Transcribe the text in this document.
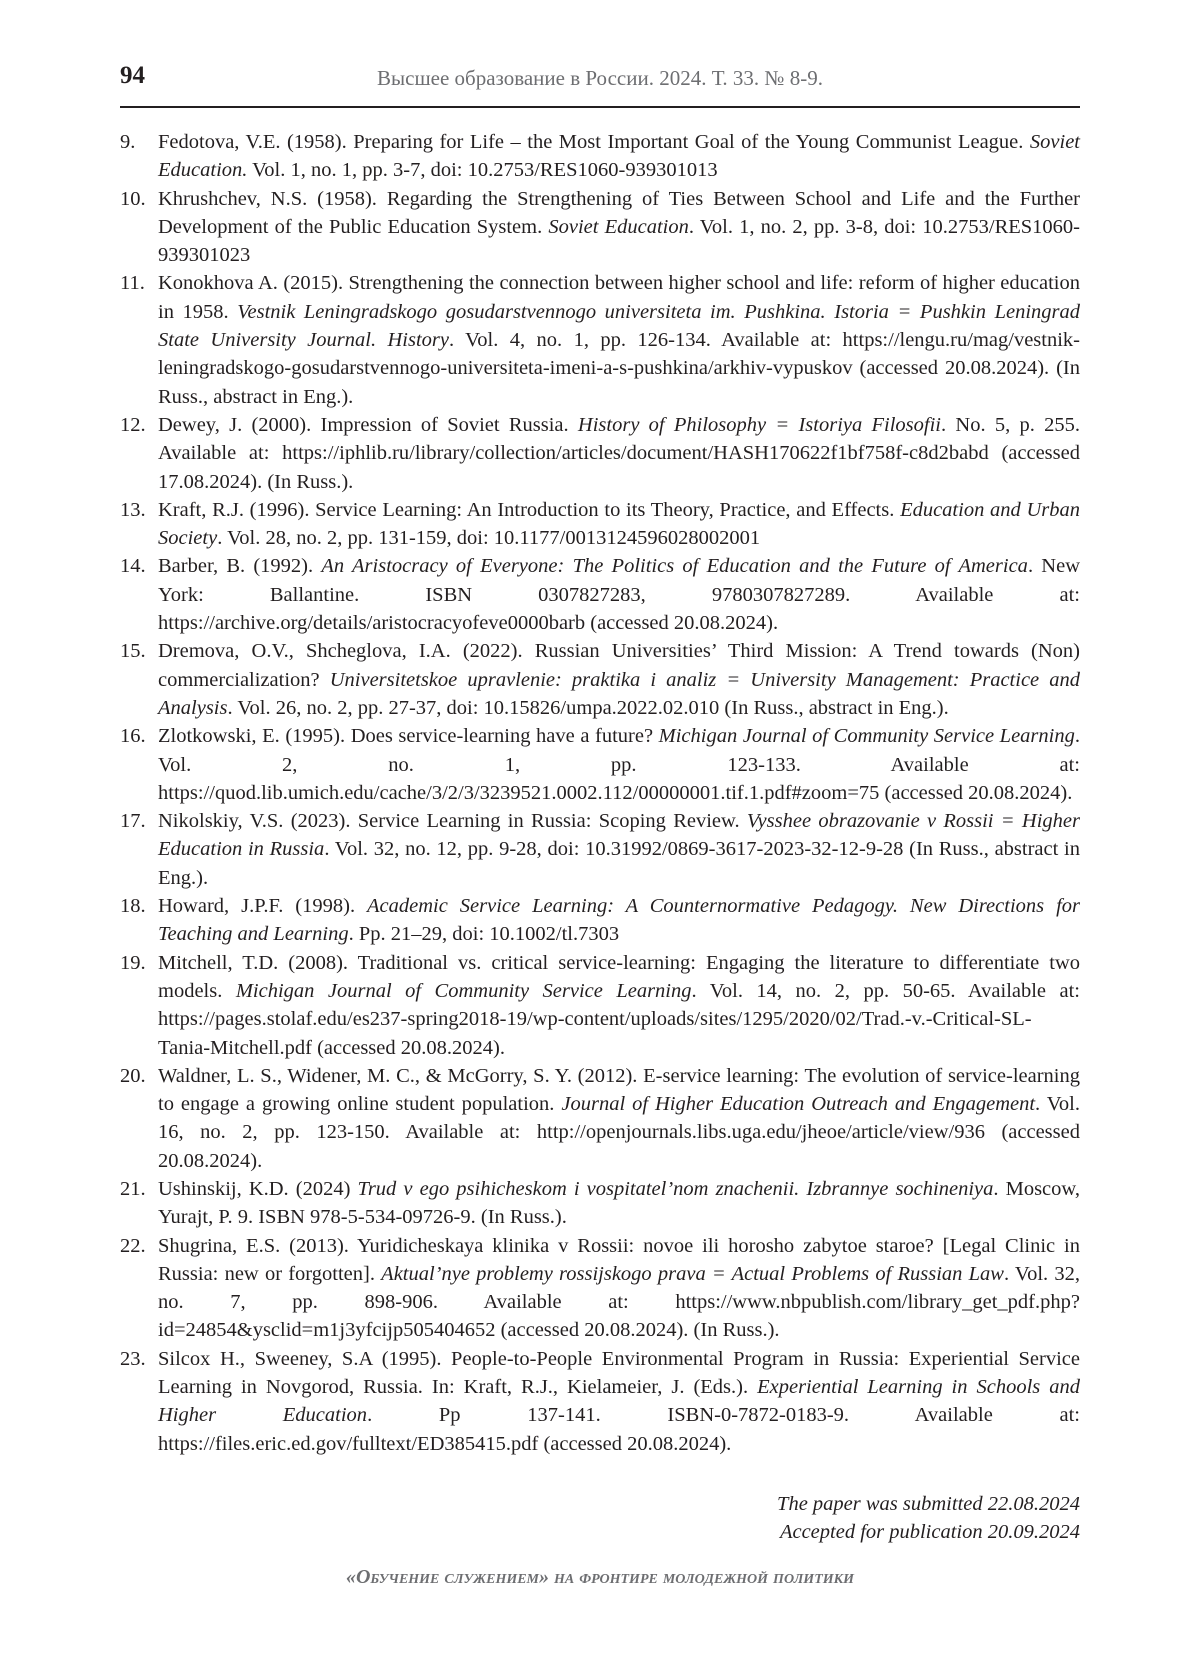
94	Высшее образование в России. 2024. Т. 33. № 8-9.
9. Fedotova, V.E. (1958). Preparing for Life – the Most Important Goal of the Young Communist League. Soviet Education. Vol. 1, no. 1, pp. 3-7, doi: 10.2753/RES1060-939301013
10. Khrushchev, N.S. (1958). Regarding the Strengthening of Ties Between School and Life and the Further Development of the Public Education System. Soviet Education. Vol. 1, no. 2, pp. 3-8, doi: 10.2753/RES1060-939301023
11. Konokhova A. (2015). Strengthening the connection between higher school and life: reform of higher education in 1958. Vestnik Leningradskogo gosudarstvennogo universiteta im. Pushkina. Istoria = Pushkin Leningrad State University Journal. History. Vol. 4, no. 1, pp. 126-134. Available at: https://lengu.ru/mag/vestnik-leningradskogo-gosudarstvennogo-universiteta-imeni-a-s-pushkina/arkhiv-vypuskov (accessed 20.08.2024). (In Russ., abstract in Eng.).
12. Dewey, J. (2000). Impression of Soviet Russia. History of Philosophy = Istoriya Filosofii. No. 5, p. 255. Available at: https://iphlib.ru/library/collection/articles/document/HASH170622f1bf758f-c8d2babd (accessed 17.08.2024). (In Russ.).
13. Kraft, R.J. (1996). Service Learning: An Introduction to its Theory, Practice, and Effects. Education and Urban Society. Vol. 28, no. 2, pp. 131-159, doi: 10.1177/0013124596028002001
14. Barber, B. (1992). An Aristocracy of Everyone: The Politics of Education and the Future of America. New York: Ballantine. ISBN 0307827283, 9780307827289. Available at: https://archive.org/details/aristocracyofeve0000barb (accessed 20.08.2024).
15. Dremova, O.V., Shcheglova, I.A. (2022). Russian Universities’ Third Mission: A Trend towards (Non) commercialization? Universitetskoe upravlenie: praktika i analiz = University Management: Practice and Analysis. Vol. 26, no. 2, pp. 27-37, doi: 10.15826/umpa.2022.02.010 (In Russ., abstract in Eng.).
16. Zlotkowski, E. (1995). Does service-learning have a future? Michigan Journal of Community Service Learning. Vol. 2, no. 1, pp. 123-133. Available at: https://quod.lib.umich.edu/cache/3/2/3/3239521.0002.112/00000001.tif.1.pdf#zoom=75 (accessed 20.08.2024).
17. Nikolskiy, V.S. (2023). Service Learning in Russia: Scoping Review. Vysshee obrazovanie v Rossii = Higher Education in Russia. Vol. 32, no. 12, pp. 9-28, doi: 10.31992/0869-3617-2023-32-12-9-28 (In Russ., abstract in Eng.).
18. Howard, J.P.F. (1998). Academic Service Learning: A Counternormative Pedagogy. New Directions for Teaching and Learning. Pp. 21–29, doi: 10.1002/tl.7303
19. Mitchell, T.D. (2008). Traditional vs. critical service-learning: Engaging the literature to differentiate two models. Michigan Journal of Community Service Learning. Vol. 14, no. 2, pp. 50-65. Available at: https://pages.stolaf.edu/es237-spring2018-19/wp-content/uploads/sites/1295/2020/02/Trad.-v.-Critical-SL-Tania-Mitchell.pdf (accessed 20.08.2024).
20. Waldner, L. S., Widener, M. C., & McGorry, S. Y. (2012). E-service learning: The evolution of service-learning to engage a growing online student population. Journal of Higher Education Outreach and Engagement. Vol. 16, no. 2, pp. 123-150. Available at: http://openjournals.libs.uga.edu/jheoe/article/view/936 (accessed 20.08.2024).
21. Ushinskij, K.D. (2024) Trud v ego psihicheskom i vospitatel’nom znachenii. Izbrannye sochineniya. Moscow, Yurajt, P. 9. ISBN 978-5-534-09726-9. (In Russ.).
22. Shugrina, E.S. (2013). Yuridicheskaya klinika v Rossii: novoe ili horosho zabytoe staroe? [Legal Clinic in Russia: new or forgotten]. Aktual’nye problemy rossijskogo prava = Actual Problems of Russian Law. Vol. 32, no. 7, pp. 898-906. Available at: https://www.nbpublish.com/library_get_pdf.php?id=24854&ysclid=m1j3yfcijp505404652 (accessed 20.08.2024). (In Russ.).
23. Silcox H., Sweeney, S.A (1995). People-to-People Environmental Program in Russia: Experiential Service Learning in Novgorod, Russia. In: Kraft, R.J., Kielameier, J. (Eds.). Experiential Learning in Schools and Higher Education. Pp 137-141. ISBN-0-7872-0183-9. Available at: https://files.eric.ed.gov/fulltext/ED385415.pdf (accessed 20.08.2024).
The paper was submitted 22.08.2024
Accepted for publication 20.09.2024
«Обучение служением» на фронтире молодежной политики
